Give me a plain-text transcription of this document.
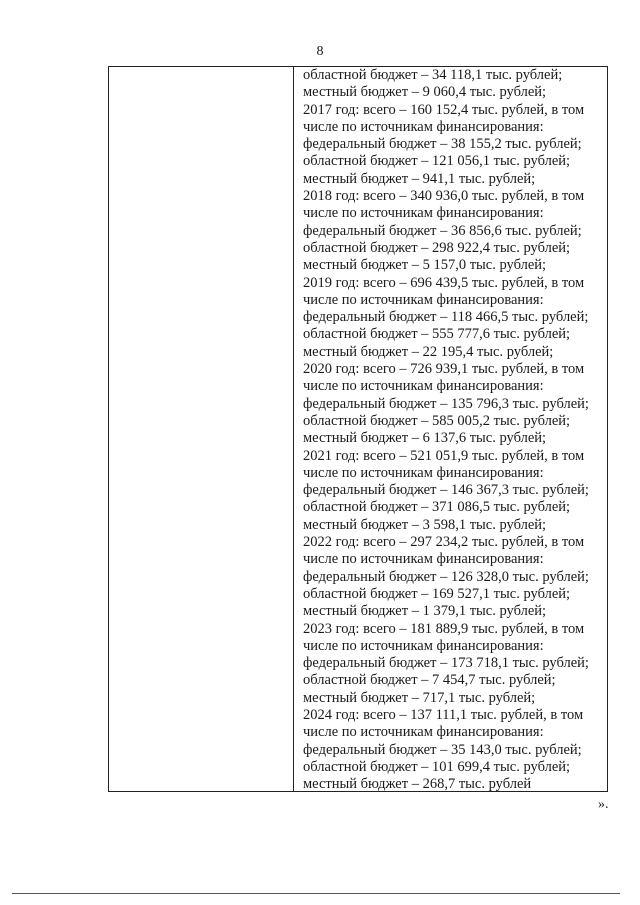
8
областной бюджет – 34 118,1 тыс. рублей;
местный бюджет – 9 060,4 тыс. рублей;
2017 год: всего – 160 152,4 тыс. рублей, в том
числе по источникам финансирования:
федеральный бюджет – 38 155,2 тыс. рублей;
областной бюджет – 121 056,1 тыс. рублей;
местный бюджет – 941,1 тыс. рублей;
2018 год: всего – 340 936,0 тыс. рублей, в том
числе по источникам финансирования:
федеральный бюджет – 36 856,6 тыс. рублей;
областной бюджет – 298 922,4 тыс. рублей;
местный бюджет – 5 157,0 тыс. рублей;
2019 год: всего – 696 439,5 тыс. рублей, в том
числе по источникам финансирования:
федеральный бюджет – 118 466,5 тыс. рублей;
областной бюджет – 555 777,6 тыс. рублей;
местный бюджет – 22 195,4 тыс. рублей;
2020 год: всего – 726 939,1 тыс. рублей, в том
числе по источникам финансирования:
федеральный бюджет – 135 796,3 тыс. рублей;
областной бюджет – 585 005,2 тыс. рублей;
местный бюджет – 6 137,6 тыс. рублей;
2021 год: всего – 521 051,9 тыс. рублей, в том
числе по источникам финансирования:
федеральный бюджет – 146 367,3 тыс. рублей;
областной бюджет – 371 086,5 тыс. рублей;
местный бюджет – 3 598,1 тыс. рублей;
2022 год: всего – 297 234,2 тыс. рублей, в том
числе по источникам финансирования:
федеральный бюджет – 126 328,0 тыс. рублей;
областной бюджет – 169 527,1 тыс. рублей;
местный бюджет – 1 379,1 тыс. рублей;
2023 год: всего – 181 889,9 тыс. рублей, в том
числе по источникам финансирования:
федеральный бюджет – 173 718,1 тыс. рублей;
областной бюджет – 7 454,7 тыс. рублей;
местный бюджет – 717,1 тыс. рублей;
2024 год: всего – 137 111,1 тыс. рублей, в том
числе по источникам финансирования:
федеральный бюджет – 35 143,0 тыс. рублей;
областной бюджет – 101 699,4 тыс. рублей;
местный бюджет – 268,7 тыс. рублей
».
